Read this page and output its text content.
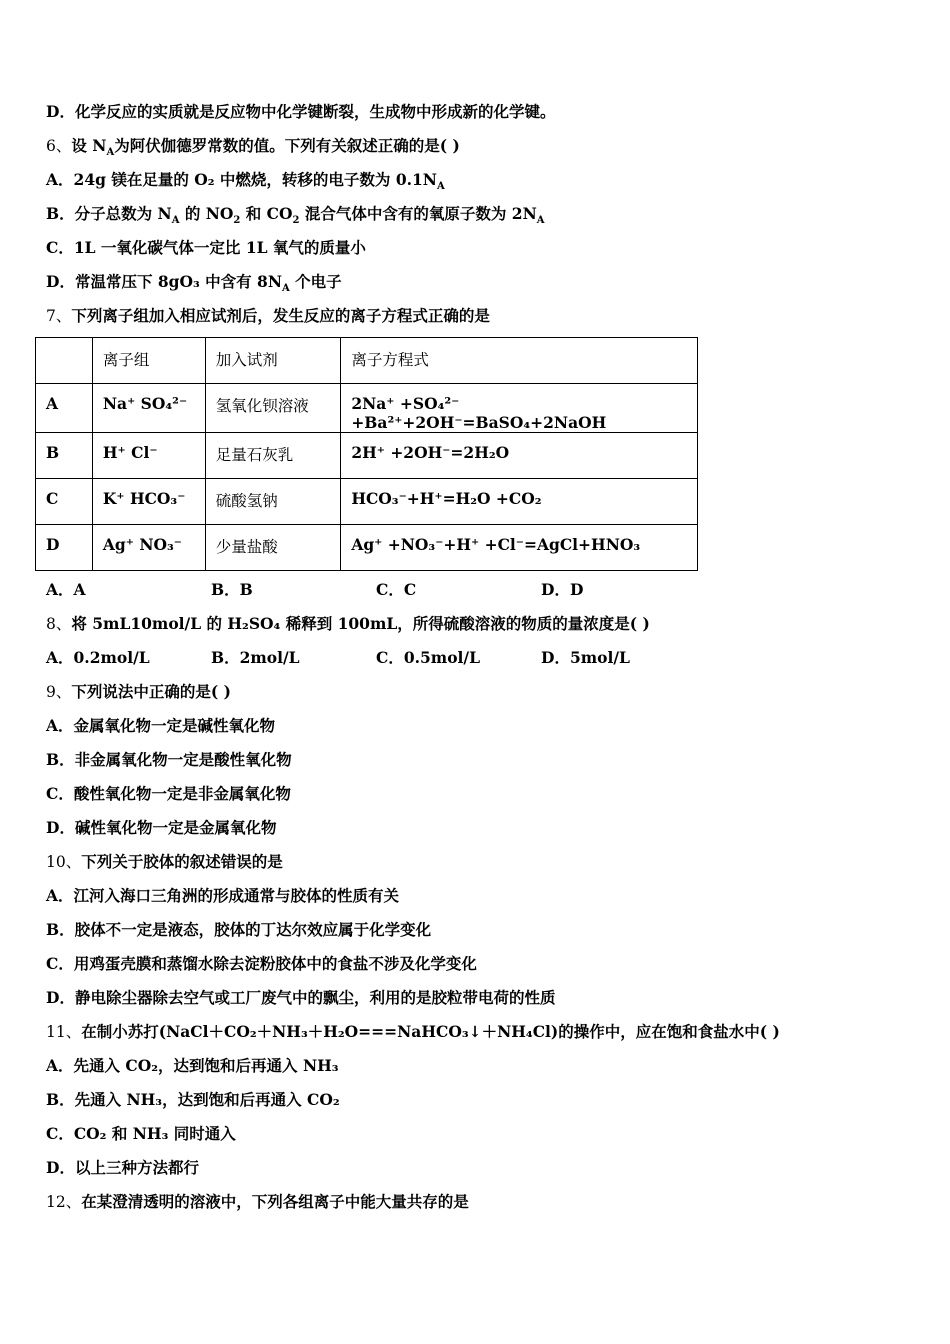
D．化学反应的实质就是反应物中化学键断裂，生成物中形成新的化学键。
6、设 $N_A$为阿伏伽德罗常数的值。下列有关叙述正确的是( )
A．24g 镁在足量的 O₂ 中燃烧，转移的电子数为 $0.1N_A$
B．分子总数为 $N_A$ 的 $NO_2$ 和 $CO_2$ 混合气体中含有的氧原子数为 $2N_A$
C．1L 一氧化碳气体一定比 1L 氧气的质量小
D．常温常压下 8gO₃ 中含有 $8N_A$ 个电子
7、下列离子组加入相应试剂后，发生反应的离子方程式正确的是
	离子组	加入试剂	离子方程式
A	Na⁺ SO₄²⁻	氢氧化钡溶液	2Na⁺ +SO₄²⁻ +Ba²⁺+2OH⁻=BaSO₄+2NaOH
B	H⁺ Cl⁻	足量石灰乳	2H⁺ +2OH⁻=2H₂O
C	K⁺ HCO₃⁻	硫酸氢钠	HCO₃⁻+H⁺=H₂O +CO₂
D	Ag⁺ NO₃⁻	少量盐酸	Ag⁺ +NO₃⁻+H⁺ +Cl⁻=AgCl+HNO₃
A．A	B．B	C．C	D．D
8、将 5mL10mol/L 的 H₂SO₄ 稀释到 100mL，所得硫酸溶液的物质的量浓度是( )
A．0.2mol/L	B．2mol/L	C．0.5mol/L	D．5mol/L
9、下列说法中正确的是( )
A．金属氧化物一定是碱性氧化物
B．非金属氧化物一定是酸性氧化物
C．酸性氧化物一定是非金属氧化物
D．碱性氧化物一定是金属氧化物
10、下列关于胶体的叙述错误的是
A．江河入海口三角洲的形成通常与胶体的性质有关
B．胶体不一定是液态，胶体的丁达尔效应属于化学变化
C．用鸡蛋壳膜和蒸馏水除去淀粉胶体中的食盐不涉及化学变化
D．静电除尘器除去空气或工厂废气中的飘尘，利用的是胶粒带电荷的性质
11、在制小苏打(NaCl＋CO₂＋NH₃＋H₂O===NaHCO₃↓＋NH₄Cl)的操作中，应在饱和食盐水中( )
A．先通入 CO₂，达到饱和后再通入 NH₃
B．先通入 NH₃，达到饱和后再通入 CO₂
C．CO₂ 和 NH₃ 同时通入
D．以上三种方法都行
12、在某澄清透明的溶液中，下列各组离子中能大量共存的是
